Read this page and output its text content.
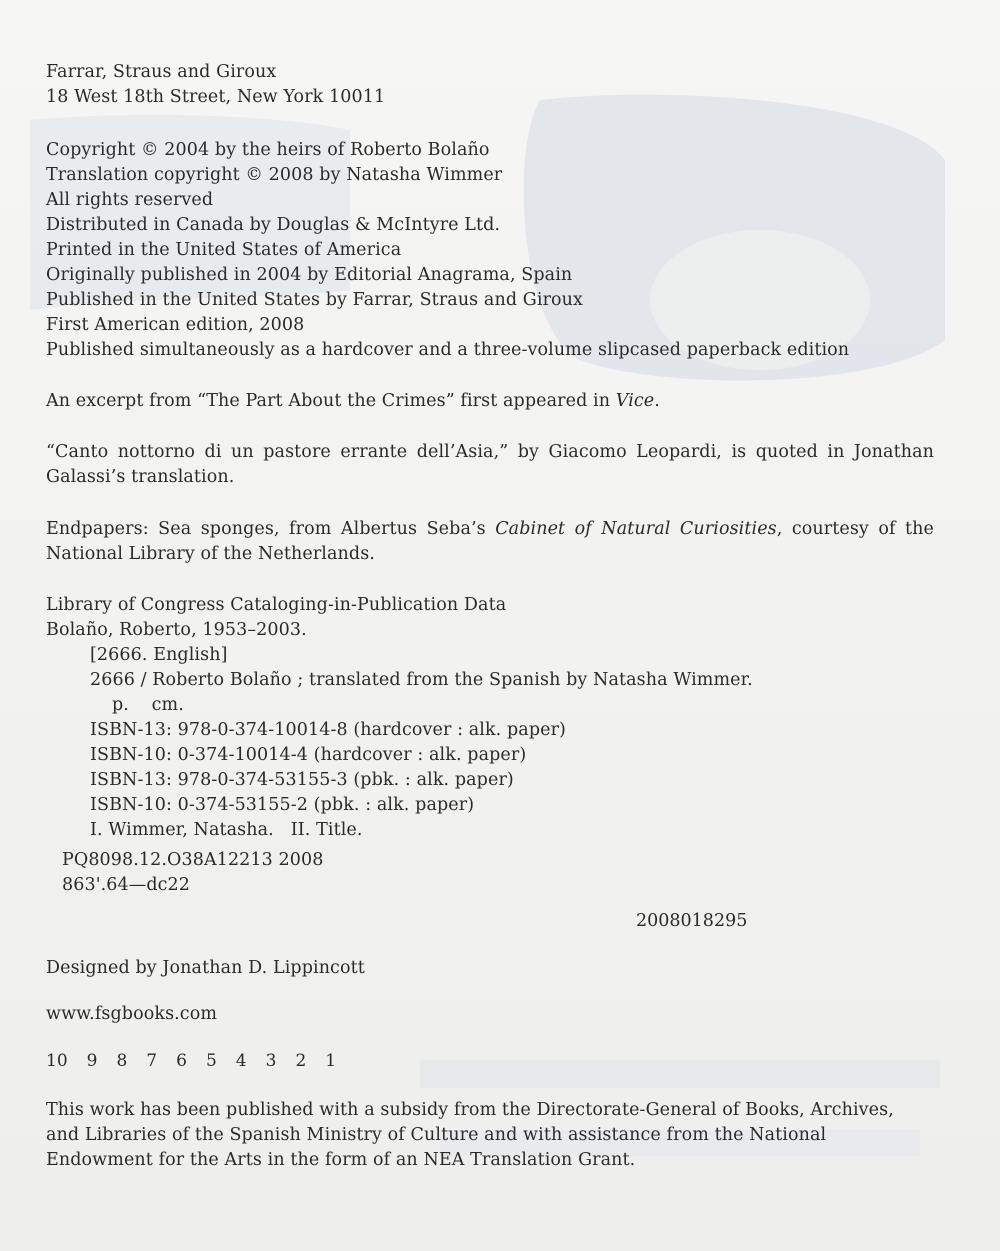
Farrar, Straus and Giroux
18 West 18th Street, New York 10011
Copyright © 2004 by the heirs of Roberto Bolaño
Translation copyright © 2008 by Natasha Wimmer
All rights reserved
Distributed in Canada by Douglas & McIntyre Ltd.
Printed in the United States of America
Originally published in 2004 by Editorial Anagrama, Spain
Published in the United States by Farrar, Straus and Giroux
First American edition, 2008
Published simultaneously as a hardcover and a three-volume slipcased paperback edition
An excerpt from “The Part About the Crimes” first appeared in Vice.
“Canto nottorno di un pastore errante dell’Asia,” by Giacomo Leopardi, is quoted in Jonathan Galassi’s translation.
Endpapers: Sea sponges, from Albertus Seba’s Cabinet of Natural Curiosities, courtesy of the National Library of the Netherlands.
Library of Congress Cataloging-in-Publication Data
Bolaño, Roberto, 1953–2003.
[2666. English]
2666 / Roberto Bolaño ; translated from the Spanish by Natasha Wimmer.
p.    cm.
ISBN-13: 978-0-374-10014-8 (hardcover : alk. paper)
ISBN-10: 0-374-10014-4 (hardcover : alk. paper)
ISBN-13: 978-0-374-53155-3 (pbk. : alk. paper)
ISBN-10: 0-374-53155-2 (pbk. : alk. paper)
I. Wimmer, Natasha.   II. Title.
PQ8098.12.O38A12213 2008
863'.64—dc22
2008018295
Designed by Jonathan D. Lippincott
www.fsgbooks.com
10 9 8 7 6 5 4 3 2 1
This work has been published with a subsidy from the Directorate-General of Books, Archives, and Libraries of the Spanish Ministry of Culture and with assistance from the National Endowment for the Arts in the form of an NEA Translation Grant.
